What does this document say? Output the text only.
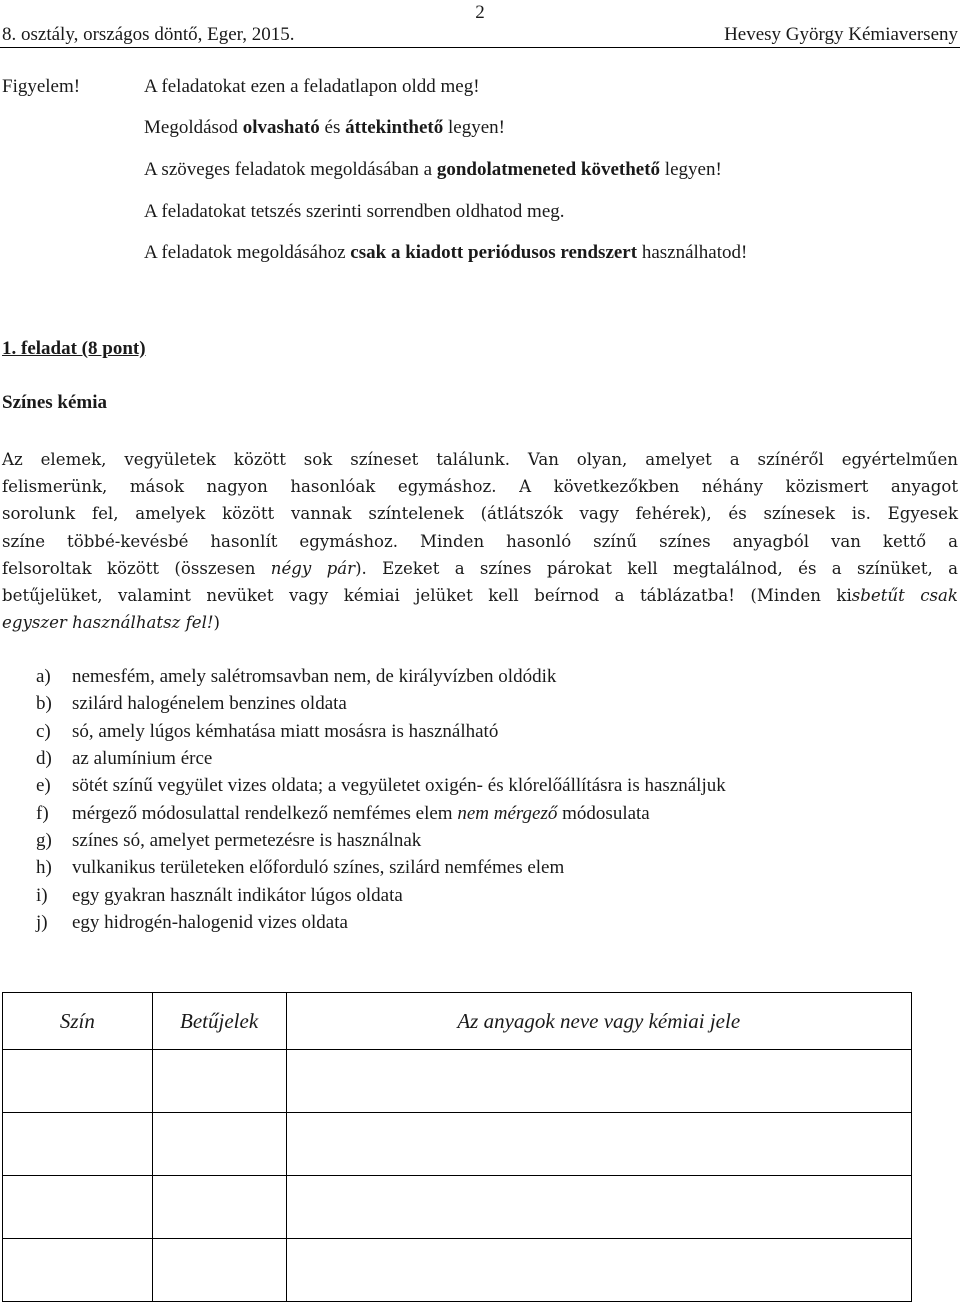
2
8. osztály, országos döntő, Eger, 2015.	Hevesy György Kémiaverseny
Figyelem!	A feladatokat ezen a feladatlapon oldd meg!
Megoldásod olvasható és áttekinthető legyen!
A szöveges feladatok megoldásában a gondolatmeneted követhető legyen!
A feladatokat tetszés szerinti sorrendben oldhatod meg.
A feladatok megoldásához csak a kiadott periódusos rendszert használhatod!
1. feladat (8 pont)
Színes kémia
Az elemek, vegyületek között sok színeset találunk. Van olyan, amelyet a színéről egyértelműen
felismerünk, mások nagyon hasonlóak egymáshoz. A következőkben néhány közismert anyagot
sorolunk fel, amelyek között vannak színtelenek (átlátszók vagy fehérek), és színesek is. Egyesek
színe többé-kevésbé hasonlít egymáshoz. Minden hasonló színű színes anyagból van kettő a
felsoroltak között (összesen négy pár). Ezeket a színes párokat kell megtalálnod, és a színüket, a
betűjelüket, valamint nevüket vagy kémiai jelüket kell beírnod a táblázatba! (Minden kisbetűt csak
egyszer használhatsz fel!)
a) nemesfém, amely salétromsavban nem, de királyvízben oldódik
b) szilárd halogénelem benzines oldata
c) só, amely lúgos kémhatása miatt mosásra is használható
d) az alumínium érce
e) sötét színű vegyület vizes oldata; a vegyületet oxigén- és klórelőállításra is használjuk
f) mérgező módosulattal rendelkező nemfémes elem nem mérgező módosulata
g) színes só, amelyet permetezésre is használnak
h) vulkanikus területeken előforduló színes, szilárd nemfémes elem
i) egy gyakran használt indikátor lúgos oldata
j) egy hidrogén-halogenid vizes oldata
Szín	Betűjelek	Az anyagok neve vagy kémiai jele
